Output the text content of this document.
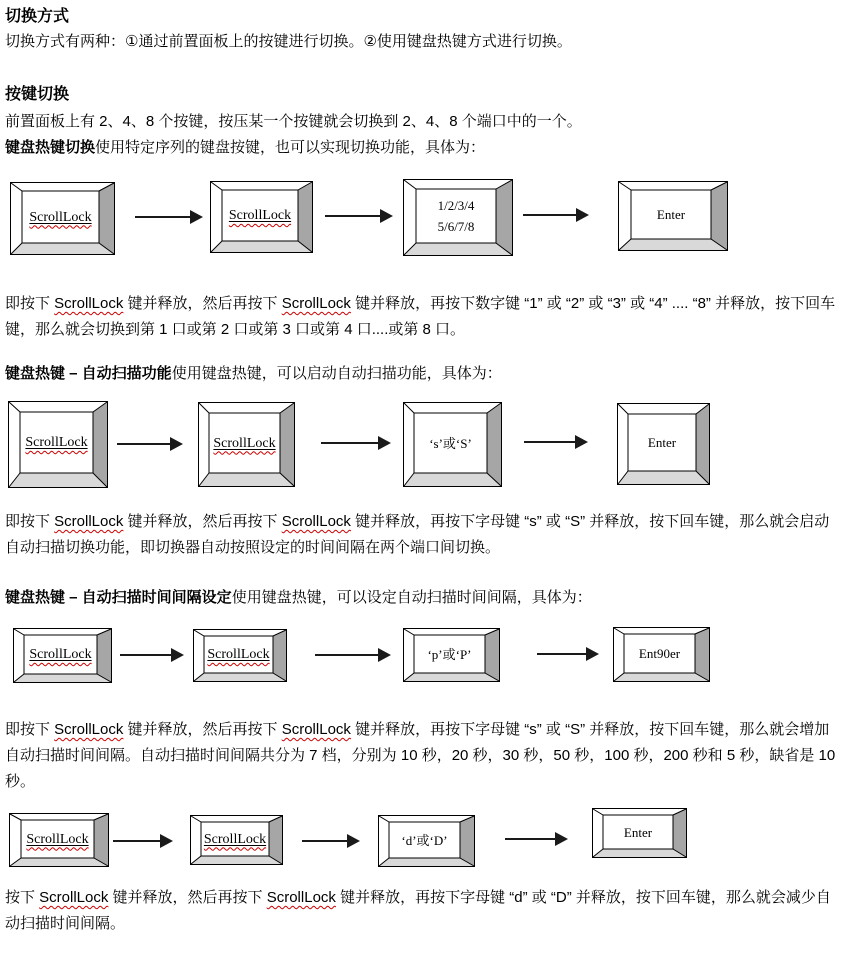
切换方式

切换方式有两种：①通过前置面板上的按键进行切换。②使用键盘热键方式进行切换。

按键切换

前置面板上有 2、4、8 个按键，按压某一个按键就会切换到 2、4、8 个端口中的一个。

键盘热键切换使用特定序列的键盘按键，也可以实现切换功能，具体为：

ScrollLock	ScrollLock
1/2/3/4
5/6/7/8
Enter

即按下 ScrollLock 键并释放，然后再按下 ScrollLock 键并释放，再按下数字键 “1” 或 “2” 或 “3” 或 “4” .... “8” 并释放，按下回车键，那么就会切换到第 1 口或第 2 口或第 3 口或第 4 口....或第 8 口。

键盘热键 – 自动扫描功能使用键盘热键，可以启动自动扫描功能，具体为：

ScrollLock	ScrollLock	‘s’或‘S’	Enter

即按下 ScrollLock 键并释放，然后再按下 ScrollLock 键并释放，再按下字母键 “s” 或 “S” 并释放，按下回车键，那么就会启动自动扫描切换功能，即切换器自动按照设定的时间间隔在两个端口间切换。

键盘热键 – 自动扫描时间间隔设定使用键盘热键，可以设定自动扫描时间间隔，具体为：

ScrollLock	ScrollLock	‘p’或‘P’	Ent90er

即按下 ScrollLock 键并释放，然后再按下 ScrollLock 键并释放，再按下字母键 “s” 或 “S” 并释放，按下回车键，那么就会增加自动扫描时间间隔。自动扫描时间间隔共分为 7 档，分别为 10 秒，20 秒，30 秒，50 秒，100 秒，200 秒和 5 秒，缺省是 10 秒。

ScrollLock	ScrollLock	‘d’或‘D’
Enter

按下 ScrollLock 键并释放，然后再按下 ScrollLock 键并释放，再按下字母键 “d” 或 “D” 并释放，按下回车键，那么就会减少自动扫描时间间隔。
